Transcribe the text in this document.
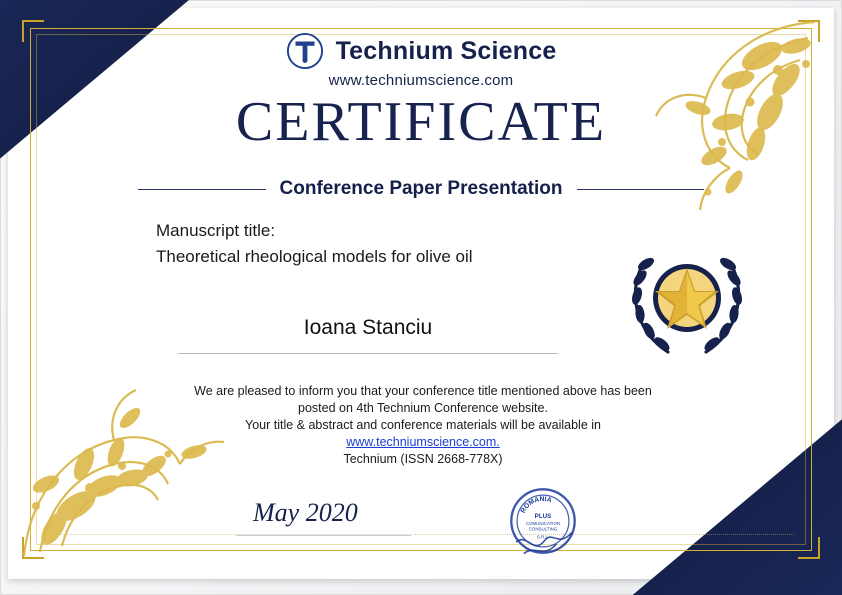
Technium Science
www.techniumscience.com
CERTIFICATE
Conference Paper Presentation
Manuscript title:
Theoretical rheological models for olive oil
Ioana Stanciu
We are pleased to inform you that your conference title mentioned above has been
posted on 4th Technium Conference website.
Your title & abstract and conference materials will be available in
www.techniumscience.com.
Technium (ISSN 2668-778X)
May 2020	ROMANIA
PLUS
COMUNICATION
CONSULTING
S.R.L.
